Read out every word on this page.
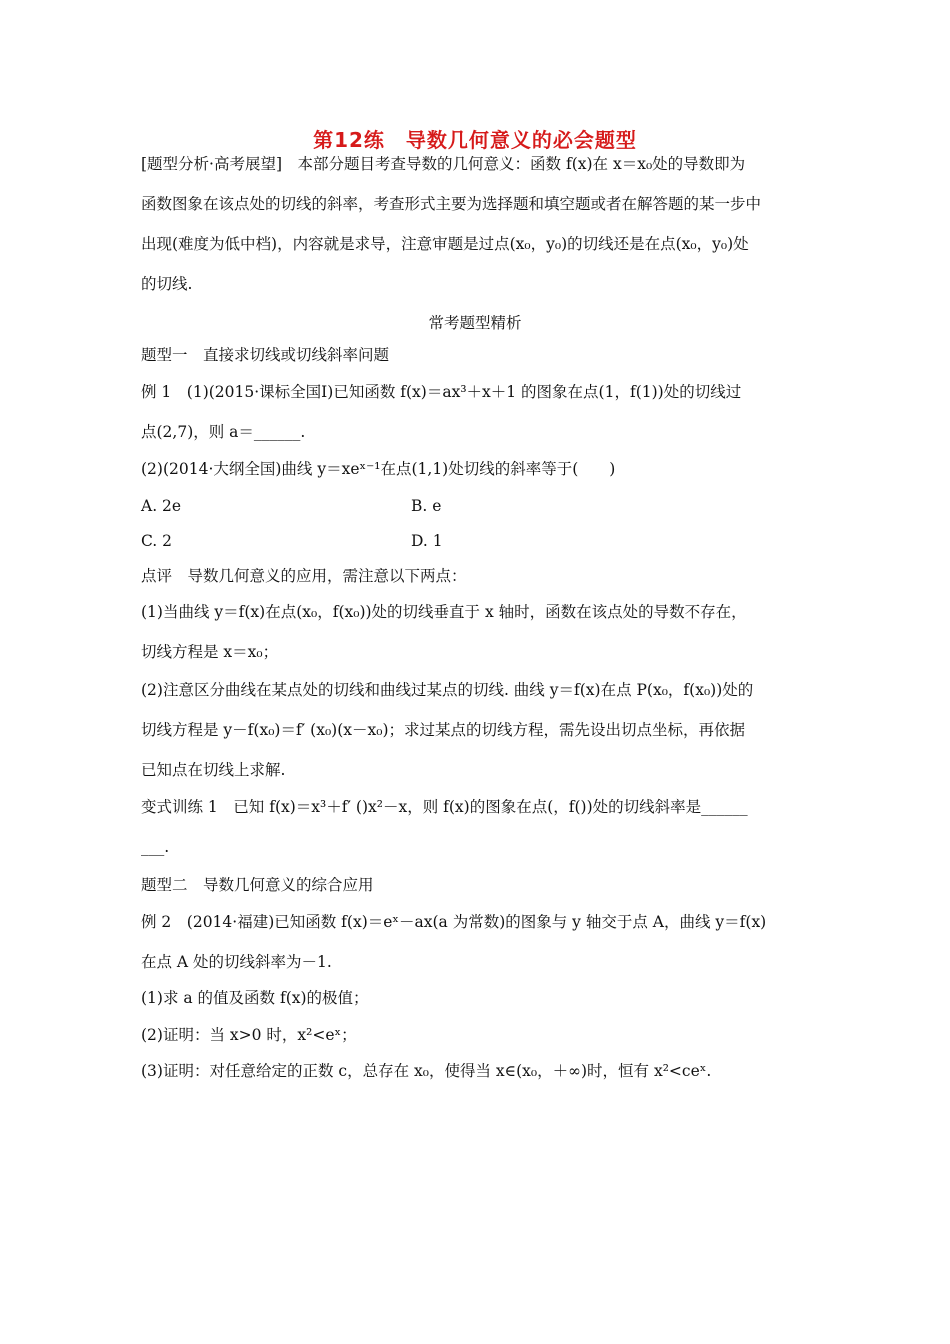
第12练　导数几何意义的必会题型
[题型分析·高考展望]　本部分题目考查导数的几何意义：函数 f(x)在 x＝x₀处的导数即为
函数图象在该点处的切线的斜率，考查形式主要为选择题和填空题或者在解答题的某一步中
出现(难度为低中档)，内容就是求导，注意审题是过点(x₀，y₀)的切线还是在点(x₀，y₀)处
的切线.
常考题型精析
题型一　直接求切线或切线斜率问题
例 1　(1)(2015·课标全国Ⅰ)已知函数 f(x)＝ax³＋x＋1 的图象在点(1，f(1))处的切线过
点(2,7)，则 a＝______.
(2)(2014·大纲全国)曲线 y＝xeˣ⁻¹在点(1,1)处切线的斜率等于(　　)
A. 2e	B. e
C. 2	D. 1
点评　导数几何意义的应用，需注意以下两点：
(1)当曲线 y＝f(x)在点(x₀，f(x₀))处的切线垂直于 x 轴时，函数在该点处的导数不存在，
切线方程是 x＝x₀；
(2)注意区分曲线在某点处的切线和曲线过某点的切线. 曲线 y＝f(x)在点 P(x₀，f(x₀))处的
切线方程是 y－f(x₀)＝f′ (x₀)(x－x₀)；求过某点的切线方程，需先设出切点坐标，再依据
已知点在切线上求解.
变式训练 1　已知 f(x)＝x³＋f′ ()x²－x，则 f(x)的图象在点(，f())处的切线斜率是______
___.
题型二　导数几何意义的综合应用
例 2　(2014·福建)已知函数 f(x)＝eˣ－ax(a 为常数)的图象与 y 轴交于点 A，曲线 y＝f(x)
在点 A 处的切线斜率为－1.
(1)求 a 的值及函数 f(x)的极值；
(2)证明：当 x>0 时，x²<eˣ；
(3)证明：对任意给定的正数 c，总存在 x₀，使得当 x∈(x₀，＋∞)时，恒有 x²<ceˣ.
